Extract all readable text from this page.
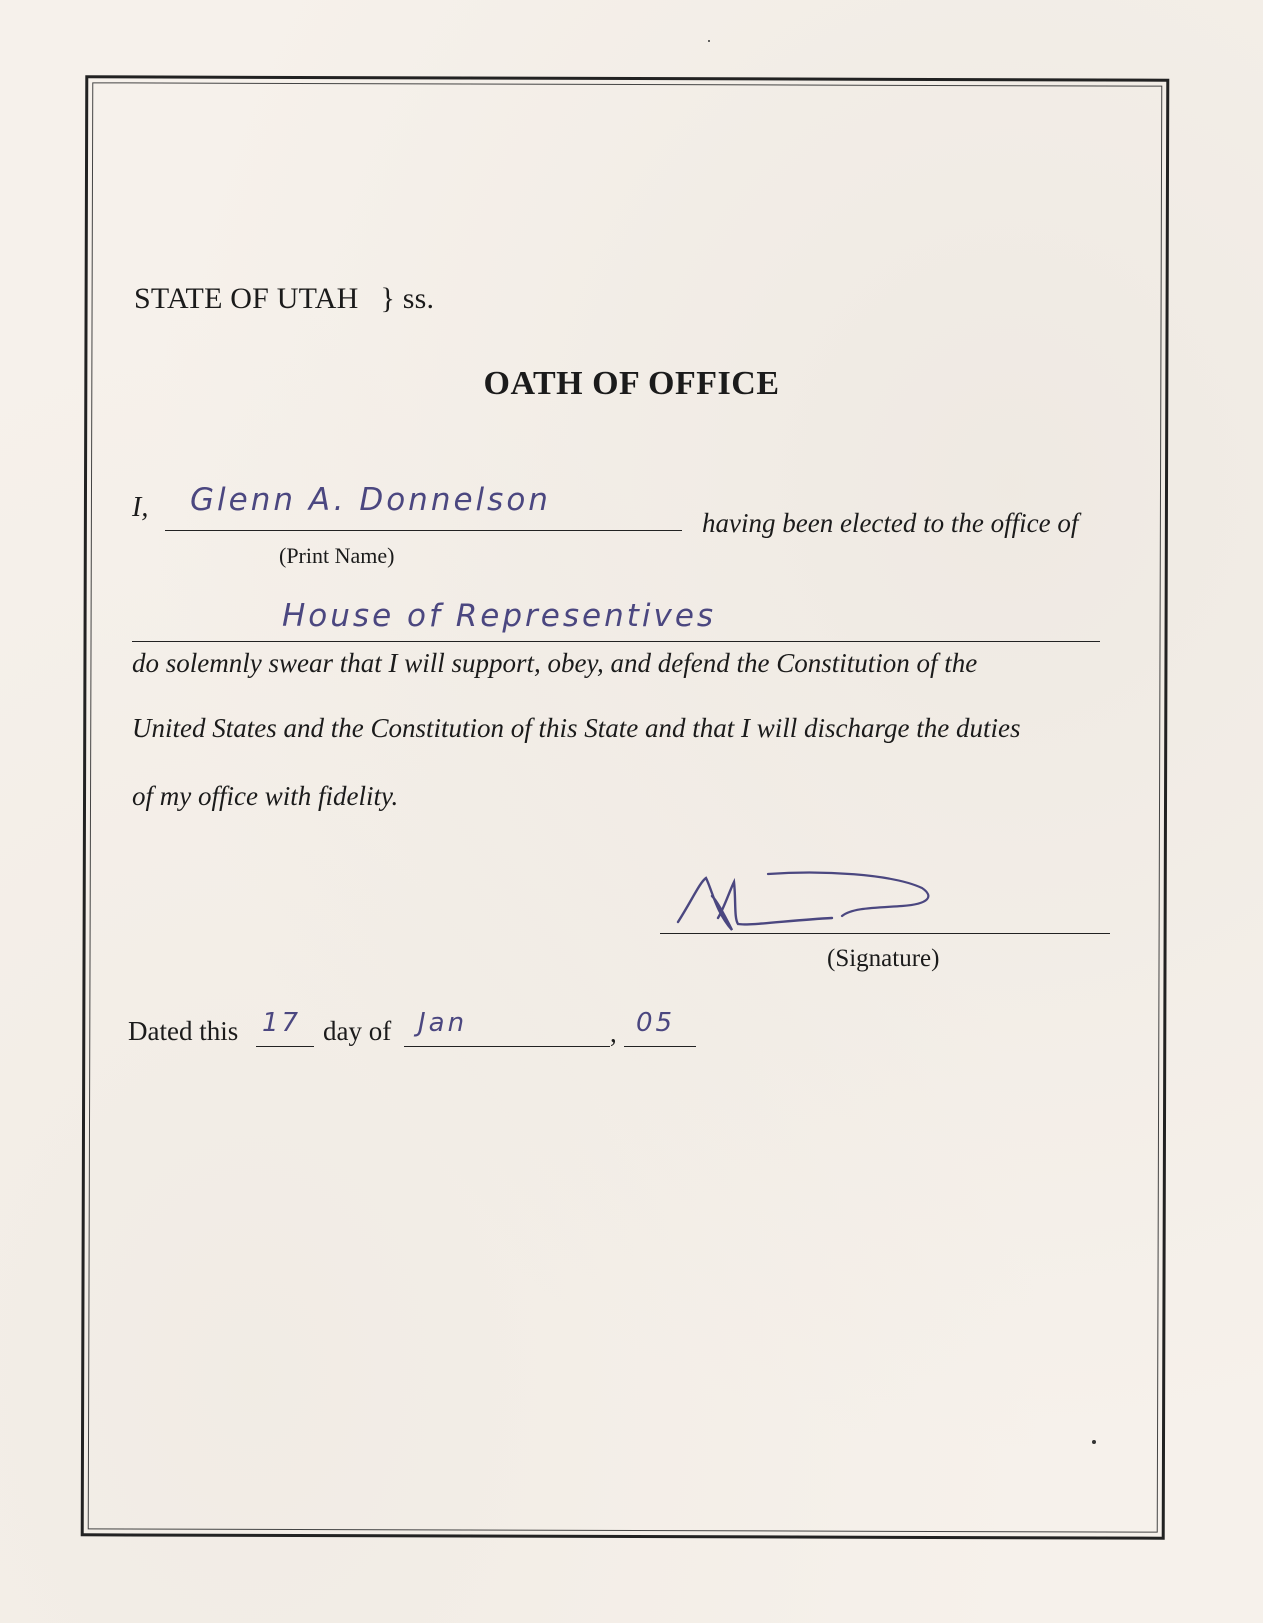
STATE OF UTAH } ss.
OATH OF OFFICE
I, Glenn A. Donnelson
having been elected to the office of
(Print Name)
House of Representives
do solemnly swear that I will support, obey, and defend the Constitution of the
United States and the Constitution of this State and that I will discharge the duties
of my office with fidelity.
(Signature)
Dated this 17 day of Jan	, 05
